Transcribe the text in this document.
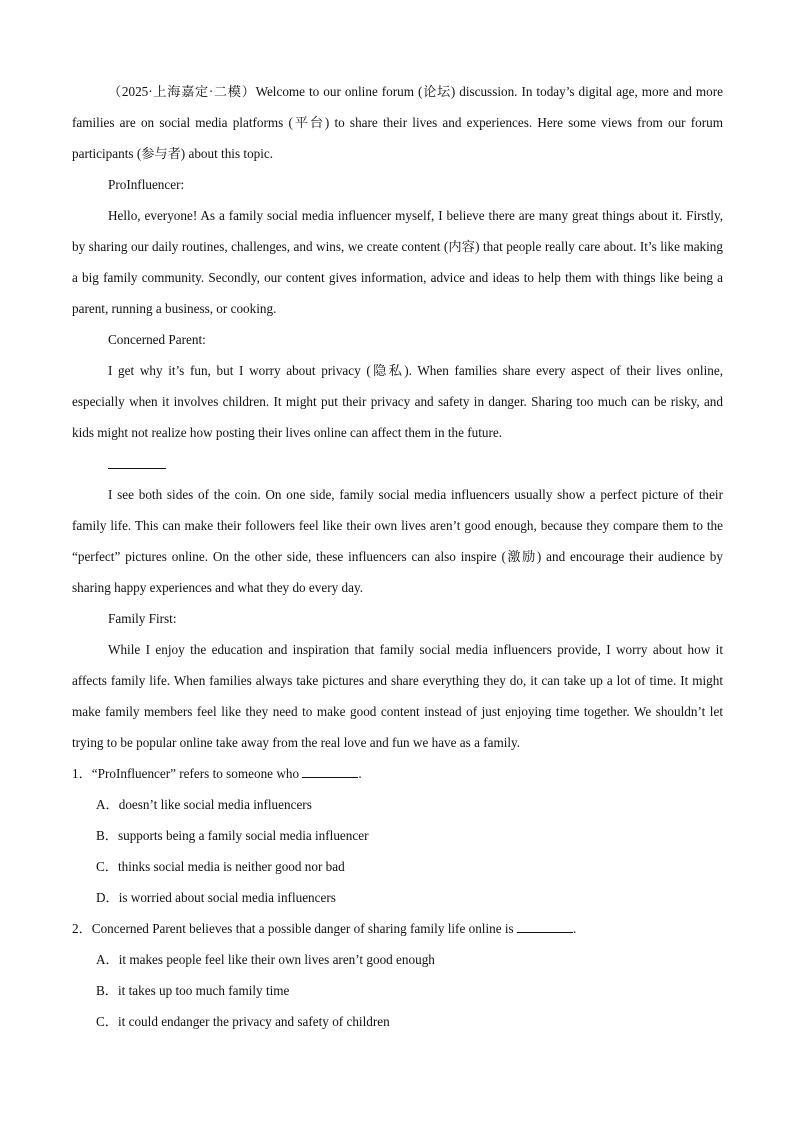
（2025·上海嘉定·二模）Welcome to our online forum (论坛) discussion. In today’s digital age, more and more families are on social media platforms (平台) to share their lives and experiences. Here some views from our forum participants (参与者) about this topic.

ProInfluencer:

Hello, everyone! As a family social media influencer myself, I believe there are many great things about it. Firstly, by sharing our daily routines, challenges, and wins, we create content (内容) that people really care about. It’s like making a big family community. Secondly, our content gives information, advice and ideas to help them with things like being a parent, running a business, or cooking.

Concerned Parent:

I get why it’s fun, but I worry about privacy (隐私). When families share every aspect of their lives online, especially when it involves children. It might put their privacy and safety in danger. Sharing too much can be risky, and kids might not realize how posting their lives online can affect them in the future.

I see both sides of the coin. On one side, family social media influencers usually show a perfect picture of their family life. This can make their followers feel like their own lives aren’t good enough, because they compare them to the “perfect” pictures online. On the other side, these influencers can also inspire (激励) and encourage their audience by sharing happy experiences and what they do every day.

Family First:

While I enjoy the education and inspiration that family social media influencers provide, I worry about how it affects family life. When families always take pictures and share everything they do, it can take up a lot of time. It might make family members feel like they need to make good content instead of just enjoying time together. We shouldn’t let trying to be popular online take away from the real love and fun we have as a family.

1．“ProInfluencer” refers to someone who	.

A．doesn’t like social media influencers

B．supports being a family social media influencer

C．thinks social media is neither good nor bad

D．is worried about social media influencers

2．Concerned Parent believes that a possible danger of sharing family life online is	.

A．it makes people feel like their own lives aren’t good enough

B．it takes up too much family time

C．it could endanger the privacy and safety of children
